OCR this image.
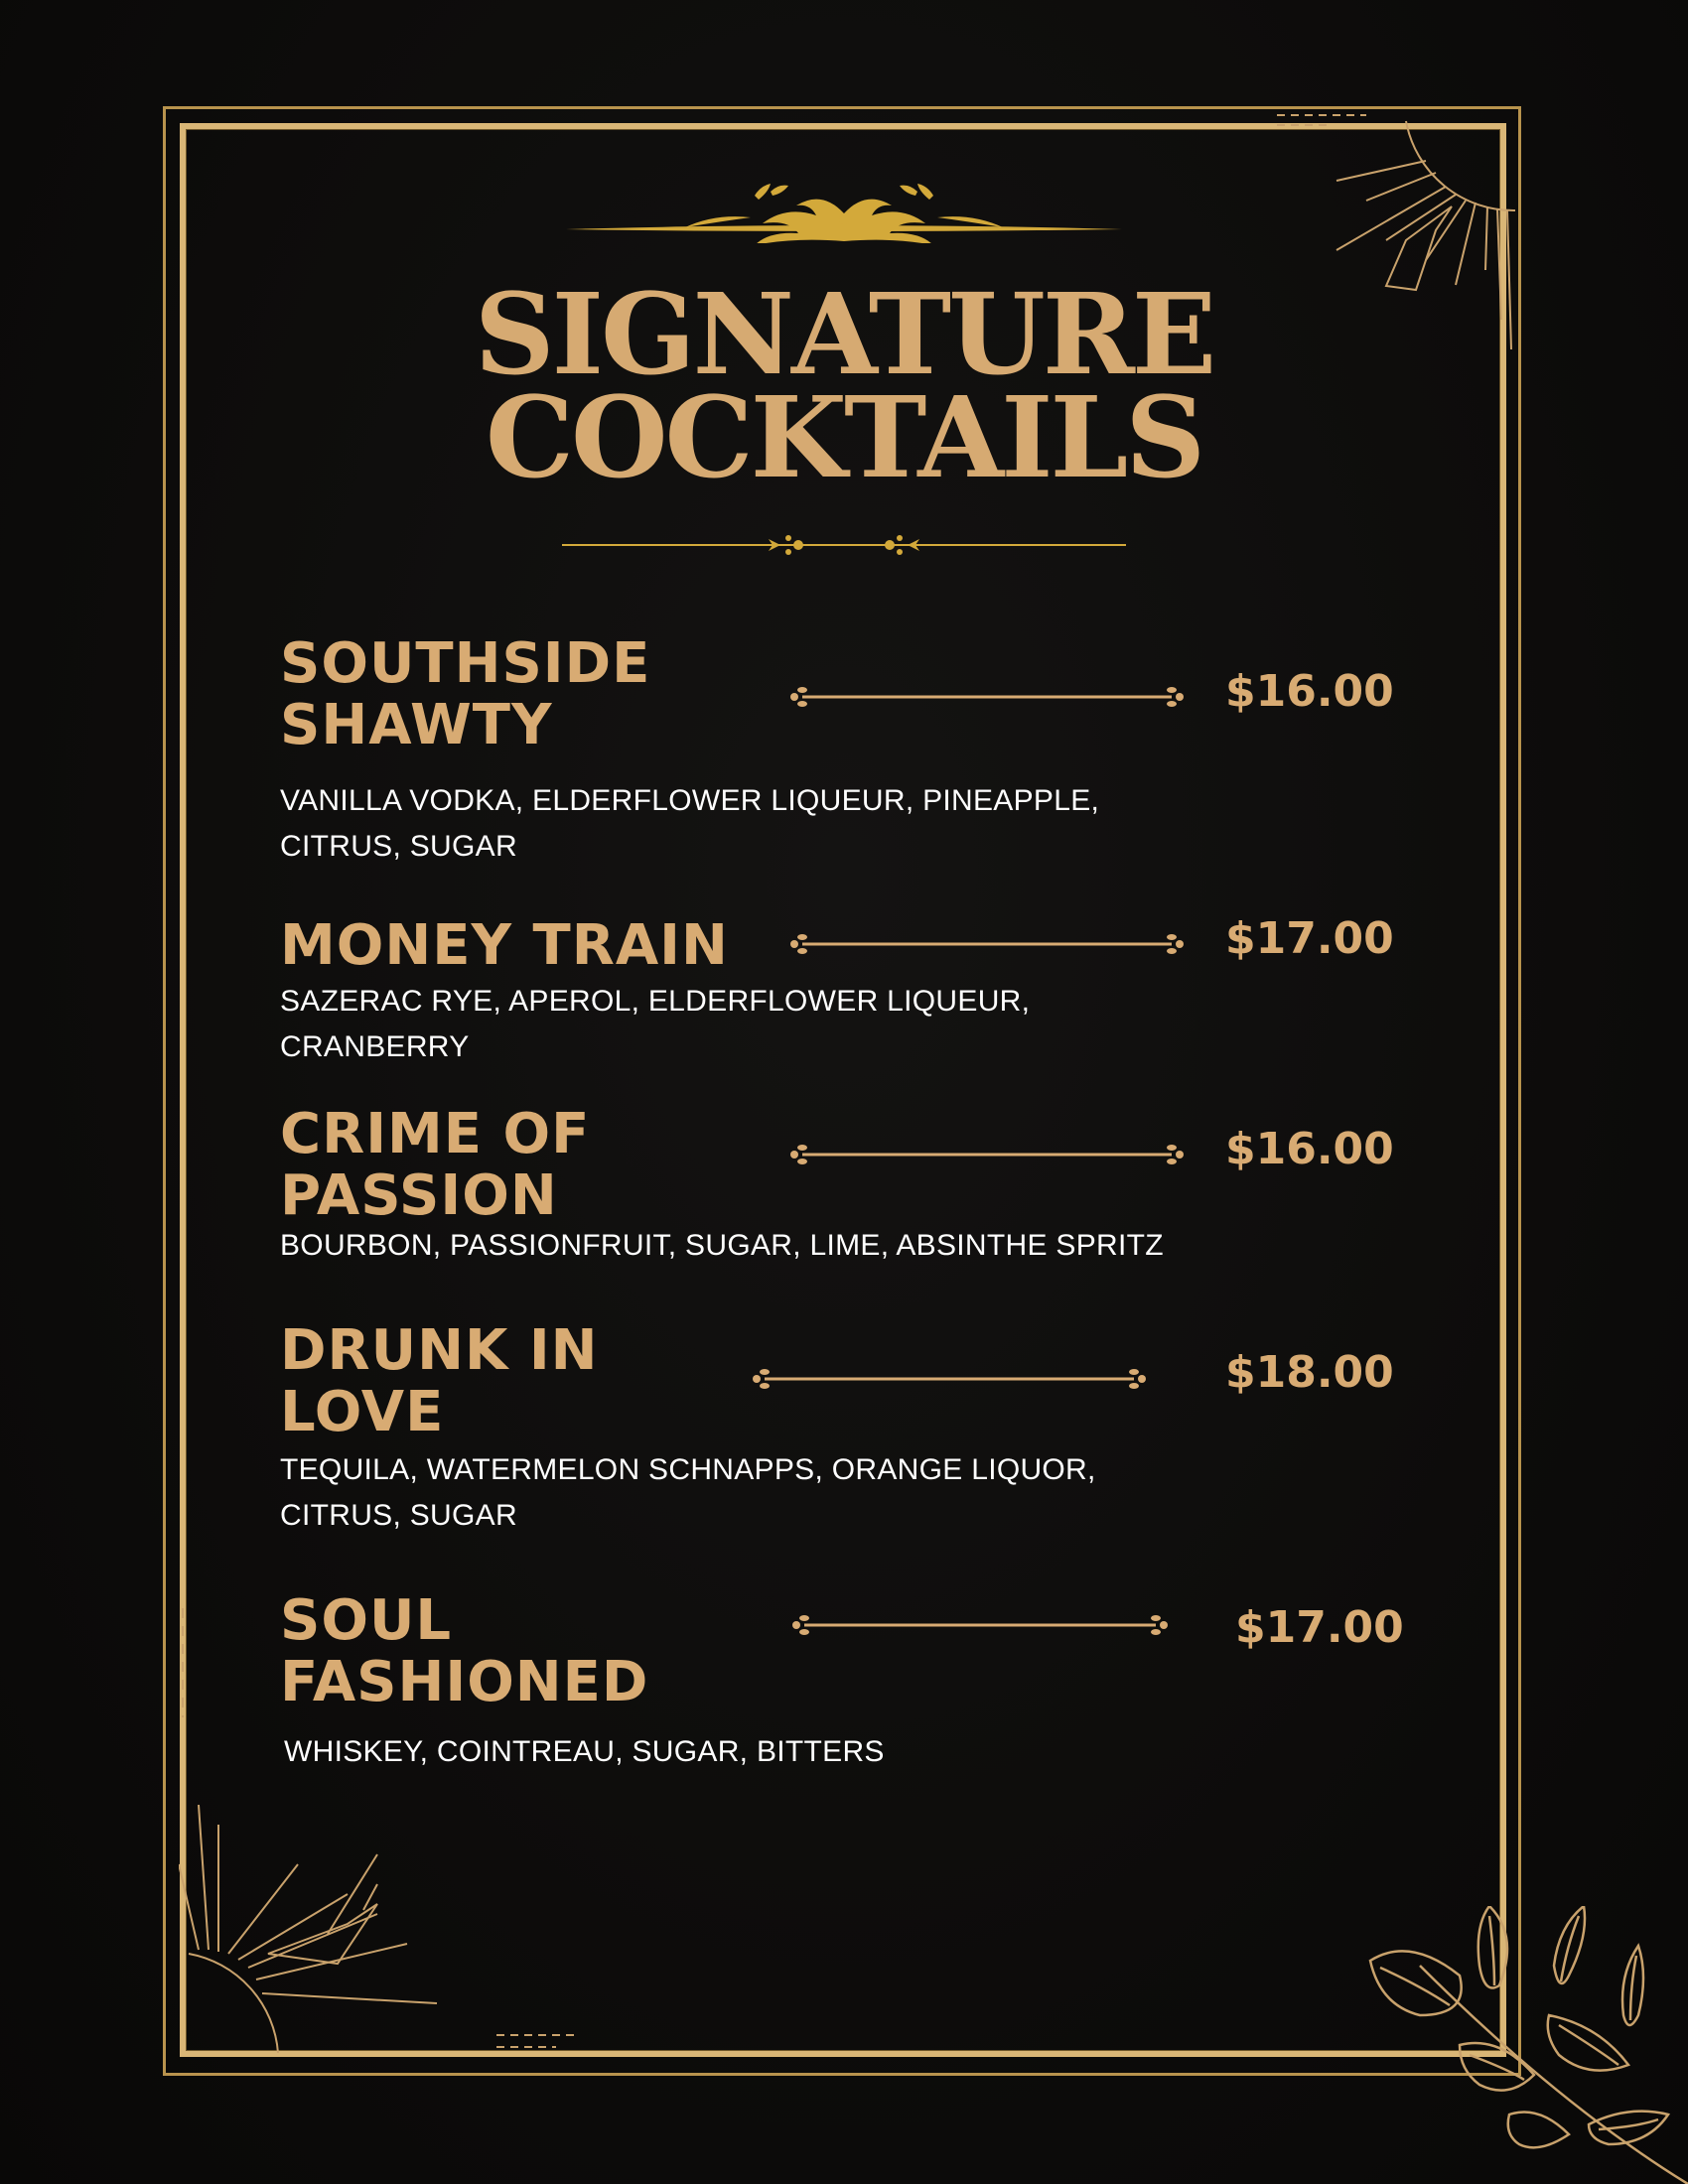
SIGNATURE
COCKTAILS
SOUTHSIDE
SHAWTY
$16.00
VANILLA VODKA, ELDERFLOWER LIQUEUR, PINEAPPLE,
CITRUS, SUGAR
MONEY TRAIN	$17.00
SAZERAC RYE, APEROL, ELDERFLOWER LIQUEUR,
CRANBERRY
CRIME OF
PASSION
$16.00
BOURBON, PASSIONFRUIT, SUGAR, LIME, ABSINTHE SPRITZ
DRUNK IN
LOVE
$18.00
TEQUILA, WATERMELON SCHNAPPS, ORANGE LIQUOR,
CITRUS, SUGAR
SOUL
FASHIONED
$17.00
WHISKEY, COINTREAU, SUGAR, BITTERS
